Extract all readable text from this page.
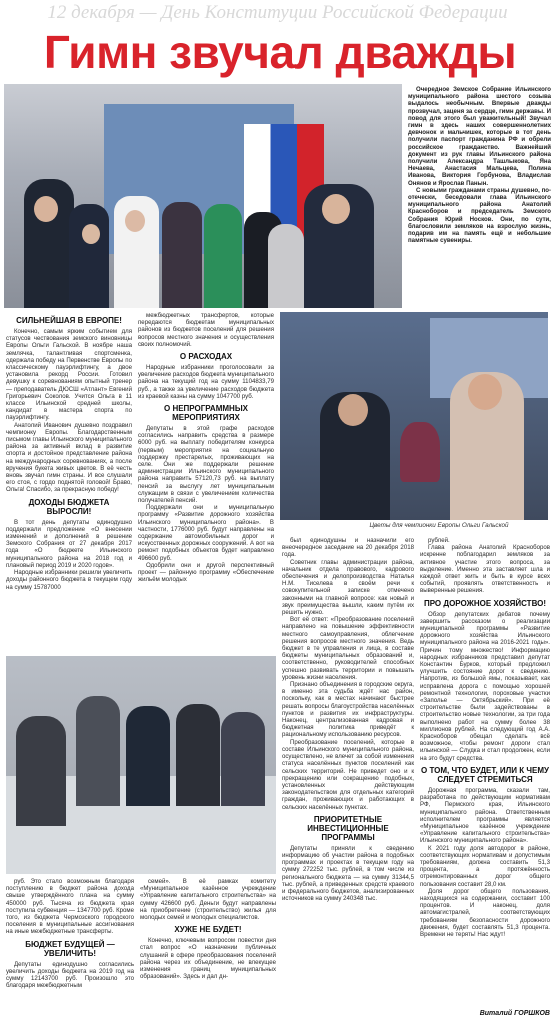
12 декабря — День Конституции Российской Федерации
Гимн звучал дважды

Очередное Земское Собрание Ильинского муниципального района шестого созыва выдалось необычным. Впервые дважды прозвучал, заценя за сердце, гимн державы. И повод для этого был уважительный! Звучал гимн в здесь наших совершеннолетних девчонок и мальчишек, которые в тот день получили паспорт гражданина РФ и обрели российское гражданство. Важнейший документ из рук главы Ильинского района получили Александра Ташлыкова, Яна Нечаева, Анастасия Мальцева, Полина Иванова, Виктория Горбунова, Владислав Онянов и Ярослав Панын.

С новыми гражданами страны душевно, по-отечески, беседовали глава Ильинского муниципального района Анатолий Красноборов и председатель Земского Собрания Юрий Носков. Они, по сути, благословили земляков на взрослую жизнь, подарив им на память ещё и небольшие памятные сувениры.

СИЛЬНЕЙШАЯ В ЕВРОПЕ!

Конечно, самым ярким событием для статусов чествования земского виновницы Европы Ольги Гальской. В ноябре наша землячка, талантливая спортсменка, одержала победу на Первенстве Европы по классическому пауэрлифтингу, а двое установила рекорд России. Готовил девушку к соревнованиям опытный тренер — преподаватель ДЮСШ «Атлант» Евгений Григорьевич Соколов. Учится Ольга в 11 классе Ильинской средней школы, кандидат в мастера спорта по пауэрлифтингу.

Анатолий Иванович душевно поздравил чемпионку Европы. Благодарственным письмом главы Ильинского муниципального района за активный вклад в развитие спорта и достойное представление района на международных соревнованиях, а после вручения букета живых цветов. В её честь вновь звучал гимн страны. И все слушали его стоя, с гордо поднятой головой! Браво, Ольга! Спасибо, за прекрасную победу!

ДОХОДЫ БЮДЖЕТА ВЫРОСЛИ!

В тот день депутаты единодушно поддержали предложение «О внесении изменений и дополнений в решение Земского Собрания от 27 декабря 2017 года «О бюджете Ильинского муниципального района на 2018 год и плановый период 2019 и 2020 годов».

Народные избранники решили увеличить доходы районного бюджета в текущем году на сумму 15787000

межбюджетных трансфертов, которые передаются бюджетам муниципальных районов из бюджетов поселений для решения вопросов местного значения и осуществления своих полномочий.

О РАСХОДАХ

Народные избранники проголосовали за увеличение расходов бюджета муниципального района на текущий год на сумму 1104833,79 руб., а также за увеличение расходов бюджета из краевой казны на сумму 1047700 руб.

О НЕПРОГРАММНЫХ МЕРОПРИЯТИЯХ

Депутаты в этой графе расходов согласились направить средства в размере 6000 руб. на выплату победителям конкурса (первым) мероприятия на социальную поддержку престарелых, проживающих на селе. Они же поддержали решение администрации Ильинского муниципального района направить 57120,73 руб. на выплату пенсий за выслугу лет муниципальным служащим в связи с увеличением количества получателей пенсий.

Поддержали они и муниципальную программу «Развитие дорожного хозяйства Ильинского муниципального района». В частности, 1776000 руб. будут направлены на содержание автомобильных дорог и искусственных дорожных сооружений. А вот на ремонт подобных объектов будет направлено 496600 руб.

Одобрили они и другой перспективный проект — районную программу «Обеспечение жильём молодых

Цветы для чемпионки Европы Ольги Гальской

был единодушны и назначили его внеочередное заседание на 20 декабря 2018 года.

Советник главы администрации района, начальник отдела правового, кадрового обеспечения и делопроизводства Наталья Н.М. Тиселева в своём речи к совокупительной записке отмечено законными на главной вопросе: как новый и звук преимущества вышли, каким путём их решить нужно.

Вот её ответ: «Преобразование поселений направлено на повышение эффективности местного самоуправления, облегчение решения вопросов местного значения. Ведь бюджет в те управления и лица, в составе бюджеты муниципальных образований и, соответственно, руководителей способных успешно развивать территории и повышать уровень жизни населения.

Признано объединения в городские округа, в именно эта судьба ждёт нас район, поскольку, как в местах начинают быстрее решать вопросы благоустройства населённых пунктов и развития их инфраструктуры. Наконец, централизованная кадровая и бюджетная политика приведёт к рациональному использованию ресурсов.

Преобразование поселений, которые в составе Ильинского муниципального района, осуществлено, не влечет за собой изменения статуса населённых пунктов поселений как сельских территорий. Не приведет оно и к прекращению или сокращению подобных, установленных действующим законодательством для отдельных категорий граждан, проживающих и работающих в сельских населённых пунктах.

ПРИОРИТЕТНЫЕ ИНВЕСТИЦИОННЫЕ ПРОГРАММЫ

Депутаты приняли к сведению информацию об участии района в подобных программах и проектах в текущем году на сумму 272252 тыс. рублей, в том числе из регионального бюджета — на сумму 31344,5 тыс. рублей, а приведенных средств краевого и федерального бюджетов, анализированных источников на сумму 240348 тыс.

рублей.

Глава района Анатолий Красноборов искренне поблагодарил земляков за активное участие этого вопроса, за выделение. Именно эта заставляет шла и каждой ответ жить и быть в курсе всех событий, проявлять ответственность и выверенные решения.

ПРО ДОРОЖНОЕ ХОЗЯЙСТВО!

Обзор депутатских дебатов почему завершить рассказом о реализации муниципальной программы «Развитие дорожного хозяйства Ильинского муниципального района на 2016-2021 годы». Причин тому множество! Информацию народных избранников представил депутат Константин Бурков, который предложил улучшить состояние дорог к сведению. Напротив, из большой ямы, показывает, как исправлена дорога с помощью хорошей ремонтной технологии, пороховые участки «Заполье — Октябрьский». При её строительстве были задействованы в строительство новые технологии, за три года выполнено работ на сумму более 38 миллионов рублей. На следующий год А.А. Красноборов обещал сделать всё возможное, чтобы ремонт дороги стал ильинской — Слудка и стал продолжен, если на это будут средства.

О ТОМ, ЧТО БУДЕТ, ИЛИ К ЧЕМУ СЛЕДУЕТ СТРЕМИТЬСЯ

Дорожная программа, сказали там, разработана по действующим нормативам РФ, Пермского края, Ильинского муниципального района. Ответственным исполнителем программы является «Муниципальное казённое учреждение «Управление капитального строительства» Ильинского муниципального района».

К 2021 году доля автодорог в районе, соответствующих нормативам и допустимым требованиям, должна составить 51,3 процента, а протяжённость отремонтированных дорог общего пользования составит 28,0 км.

Доля дорог общего пользования, находящихся на содержании, составит 100 процентов. И наконец, доля автомагистралей, соответствующих требованиям безопасности дорожного движения, будет составлять 51,3 процента. Времени не терять! Нас ждут!

Виталий ГОРШКОВ

руб. Это стало возможным благодаря поступлению в бюджет района дохода свыше утверждённого плана на сумму 450000 руб. Тысяча из бюджета края поступила субвенция — 1347700 руб. Кроме того, из бюджета Чермозского городского поселения в муниципальные ассигнования на иные межбюджетные трансферты.

БЮДЖЕТ БУДУЩЕЙ — УВЕЛИЧИТЬ!

Депутаты единодушно согласились увеличить доходы бюджета на 2019 год на сумму 12143700 руб. Произошло это благодаря межбюджетным

семей». В её рамках комитету «Муниципальное казённое учреждение «Управление капитального строительства» на сумму 426600 руб. Деньги будут направлены на приобретение (строительство) жилья для молодых семей и молодых специалистов.

ХУЖЕ НЕ БУДЕТ!

Конечно, ключевым вопросом повестки дня стал вопрос «О назначении публичных слушаний в сфере преобразования поселений района через их объединение, не влекущее изменения границ муниципальных образований». Здесь и дал дн-
